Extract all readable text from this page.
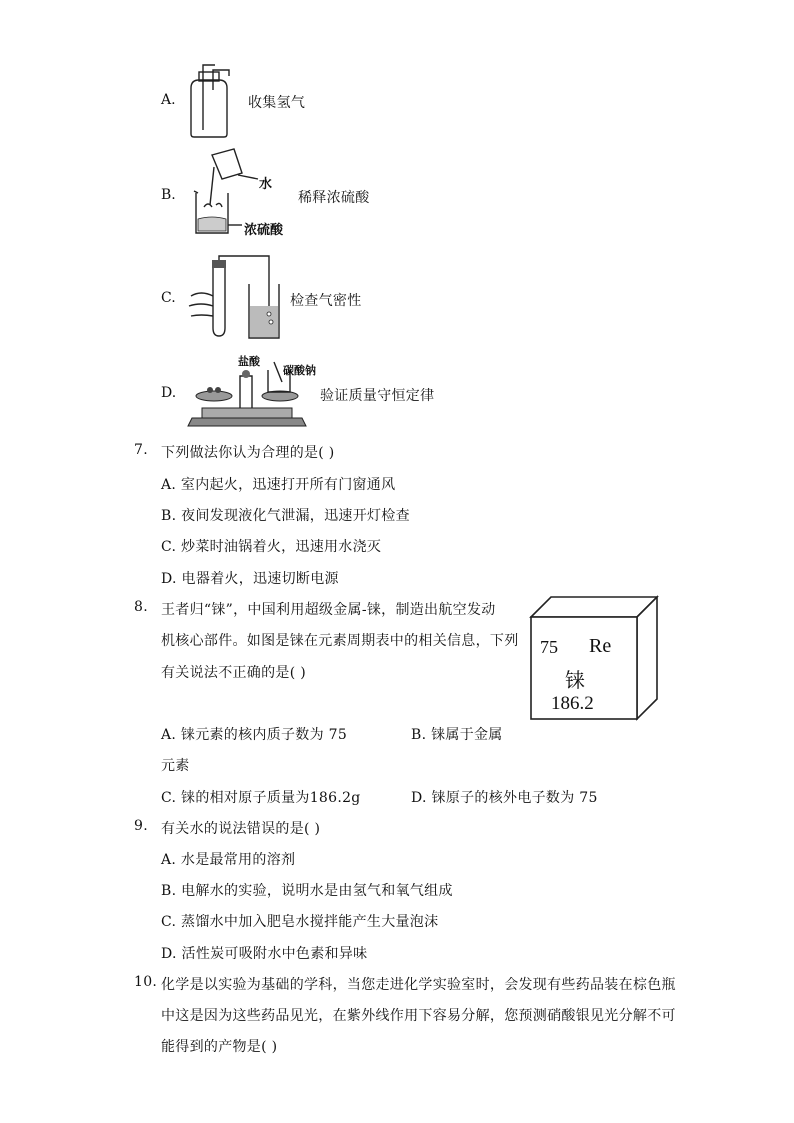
A.	收集氢气
B.
水
浓硫酸
稀释浓硫酸
C.	检查气密性
D.
盐酸
碳酸钠
验证质量守恒定律
7. 下列做法你认为合理的是( )
A. 室内起火，迅速打开所有门窗通风
B. 夜间发现液化气泄漏，迅速开灯检查
C. 炒菜时油锅着火，迅速用水浇灭
D. 电器着火，迅速切断电源
8. 王者归“铼”，中国利用超级金属-铼，制造出航空发动
机核心部件。如图是铼在元素周期表中的相关信息，下列
有关说法不正确的是( )
75 Re
铼
186.2
A. 铼元素的核内质子数为 75	B. 铼属于金属
元素
C. 铼的相对原子质量为186.2g	D. 铼原子的核外电子数为 75
9. 有关水的说法错误的是( )
A. 水是最常用的溶剂
B. 电解水的实验，说明水是由氢气和氧气组成
C. 蒸馏水中加入肥皂水搅拌能产生大量泡沫
D. 活性炭可吸附水中色素和异味
10. 化学是以实验为基础的学科，当您走进化学实验室时，会发现有些药品装在棕色瓶
中这是因为这些药品见光，在紫外线作用下容易分解，您预测硝酸银见光分解不可
能得到的产物是( )
